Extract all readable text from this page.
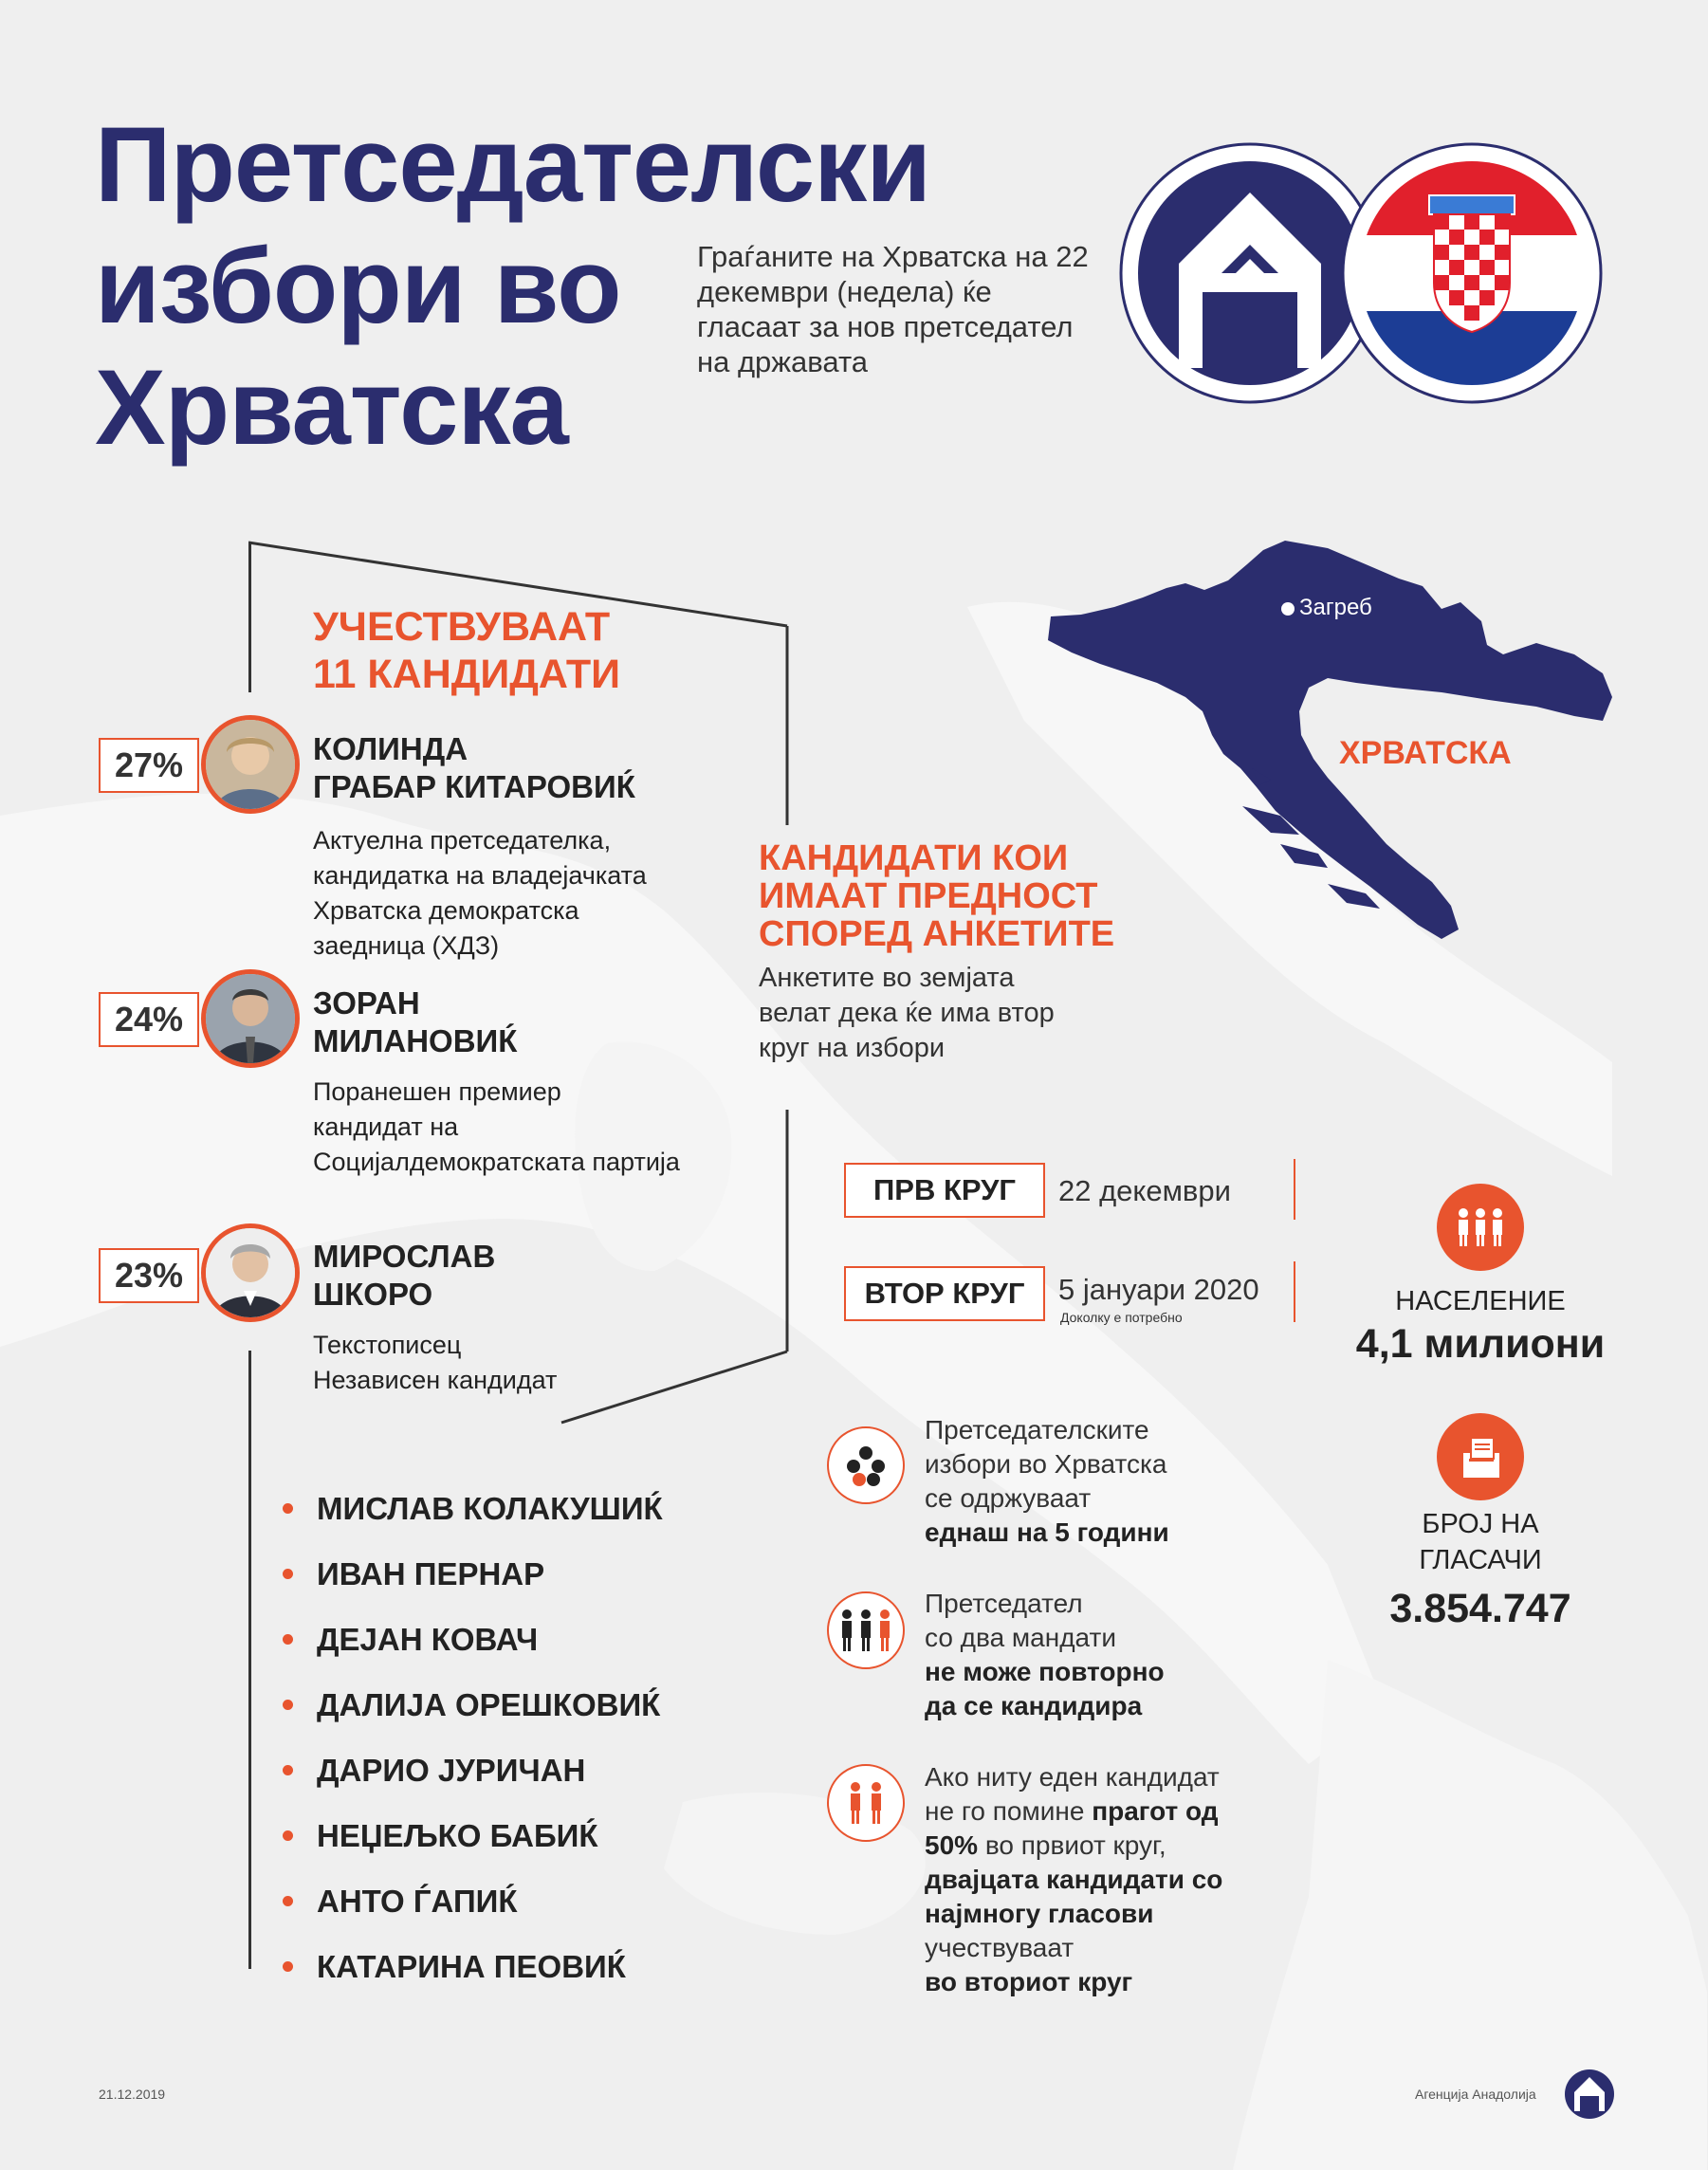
Претседателски избори во Хрватска
Граѓаните на Хрватска на 22 декември (недела) ќе гласаат за нов претседател на државата
Загреб
ХРВАТСКА
УЧЕСТВУВААТ
11 КАНДИДАТИ
27%	КОЛИНДА
ГРАБАР КИТАРОВИЌ
Актуелна претседателка,
кандидатка на владејачката
Хрватска демократска
заедница (ХДЗ)
24%	ЗОРАН
МИЛАНОВИЌ
Поранешен премиер
кандидат на
Социјалдемократската партија
23%	МИРОСЛАВ
ШКОРО
Текстописец
Независен кандидат
МИСЛАВ КОЛАКУШИЌ
ИВАН ПЕРНАР
ДЕЈАН КОВАЧ
ДАЛИЈА ОРЕШКОВИЌ
ДАРИО ЈУРИЧАН
НЕЏЕЉКО БАБИЌ
АНТО ЃАПИЌ
КАТАРИНА ПЕОВИЌ
КАНДИДАТИ КОИ
ИМААТ ПРЕДНОСТ
СПОРЕД АНКЕТИТЕ
Анкетите во земјата
велат дека ќе има втор
круг на избори
ПРВ КРУГ	22 декември
ВТОР КРУГ	5 јануари 2020
Доколку е потребно
Претседателските
избори во Хрватска
се одржуваат
еднаш на 5 години
Претседател
со два мандати
не може повторно
да се кандидира
Ако ниту еден кандидат
не го помине прагот од
50% во првиот круг,
двајцата кандидати со
најмногу гласови
учествуваат
во вториот круг
НАСЕЛЕНИЕ
4,1 милиони
БРОЈ НА
ГЛАСАЧИ
3.854.747
21.12.2019	Агенција Анадолија
